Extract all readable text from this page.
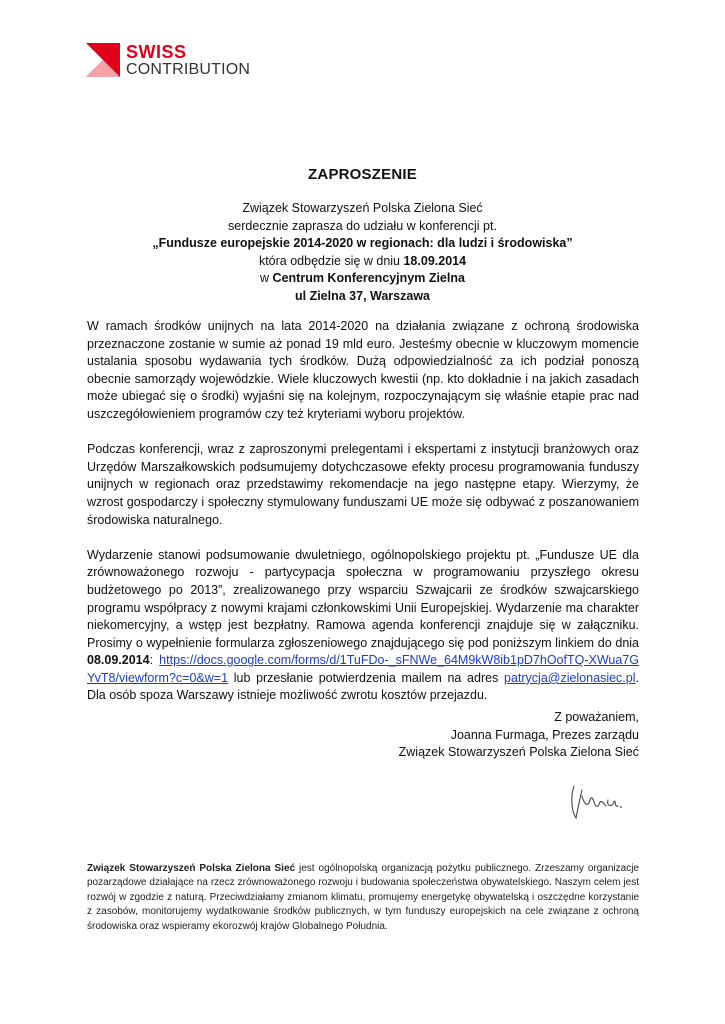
SWISS
CONTRIBUTION
ZAPROSZENIE
Związek Stowarzyszeń Polska Zielona Sieć
serdecznie zaprasza do udziału w konferencji pt.
„Fundusze europejskie 2014-2020 w regionach: dla ludzi i środowiska”
która odbędzie się w dniu 18.09.2014
w Centrum Konferencyjnym Zielna
ul Zielna 37, Warszawa

W ramach środków unijnych na lata 2014-2020 na działania związane z ochroną środowiska przeznaczone zostanie w sumie aż ponad 19 mld euro. Jesteśmy obecnie w kluczowym momencie ustalania sposobu wydawania tych środków. Dużą odpowiedzialność za ich podział ponoszą obecnie samorządy wojewódzkie. Wiele kluczowych kwestii (np. kto dokładnie i na jakich zasadach może ubiegać się o środki) wyjaśni się na kolejnym, rozpoczynającym się właśnie etapie prac nad uszczegółowieniem programów czy też kryteriami wyboru projektów.

Podczas konferencji, wraz z zaproszonymi prelegentami i ekspertami z instytucji branżowych oraz Urzędów Marszałkowskich podsumujemy dotychczasowe efekty procesu programowania funduszy unijnych w regionach oraz przedstawimy rekomendacje na jego następne etapy. Wierzymy, że wzrost gospodarczy i społeczny stymulowany funduszami UE może się odbywać z poszanowaniem środowiska naturalnego.

Wydarzenie stanowi podsumowanie dwuletniego, ogólnopolskiego projektu pt. „Fundusze UE dla zrównoważonego rozwoju - partycypacja społeczna w programowaniu przyszłego okresu budżetowego po 2013”, zrealizowanego przy wsparciu Szwajcarii ze środków szwajcarskiego programu współpracy z nowymi krajami członkowskimi Unii Europejskiej. Wydarzenie ma charakter niekomercyjny, a wstęp jest bezpłatny. Ramowa agenda konferencji znajduje się w załączniku. Prosimy o wypełnienie formularza zgłoszeniowego znajdującego się pod poniższym linkiem do dnia 08.09.2014: https://docs.google.com/forms/d/1TuFDo-_sFNWe_64M9kW8ib1pD7hOofTQ-XWua7GYvT8/viewform?c=0&w=1 lub przesłanie potwierdzenia mailem na adres patrycja@zielonasiec.pl. Dla osób spoza Warszawy istnieje możliwość zwrotu kosztów przejazdu.

Z poważaniem,
Joanna Furmaga, Prezes zarządu
Związek Stowarzyszeń Polska Zielona Sieć
Związek Stowarzyszeń Polska Zielona Sieć jest ogólnopolską organizacją pożytku publicznego. Zrzeszamy organizacje pozarządowe działające na rzecz zrównoważonego rozwoju i budowania społeczeństwa obywatelskiego. Naszym celem jest rozwój w zgodzie z naturą. Przeciwdziałamy zmianom klimatu, promujemy energetykę obywatelską i oszczędne korzystanie z zasobów, monitorujemy wydatkowanie środków publicznych, w tym funduszy europejskich na cele związane z ochroną środowiska oraz wspieramy ekorozwój krajów Globalnego Południa.
